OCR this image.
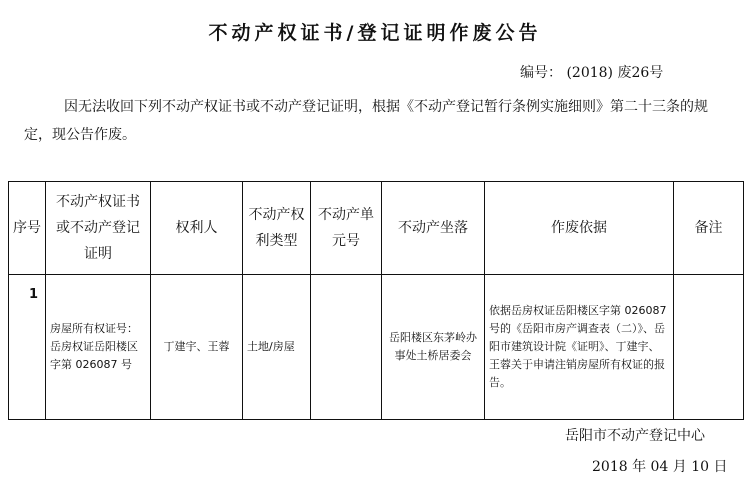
不动产权证书/登记证明作废公告
编号： (2018) 废26号
因无法收回下列不动产权证书或不动产登记证明，根据《不动产登记暂行条例实施细则》第二十三条的规定，现公告作废。
序号	不动产权证书或不动产登记证明	权利人	不动产权利类型	不动产单元号	不动产坐落	作废依据	备注
1	房屋所有权证号：岳房权证岳阳楼区字第 026087 号	丁建宇、王蓉	土地/房屋		岳阳楼区东茅岭办事处土桥居委会	依据岳房权证岳阳楼区字第 026087 号的《岳阳市房产调查表（二）》、岳阳市建筑设计院《证明》、丁建宇、王蓉关于申请注销房屋所有权证的报告。	
岳阳市不动产登记中心
2018 年 04 月 10 日
